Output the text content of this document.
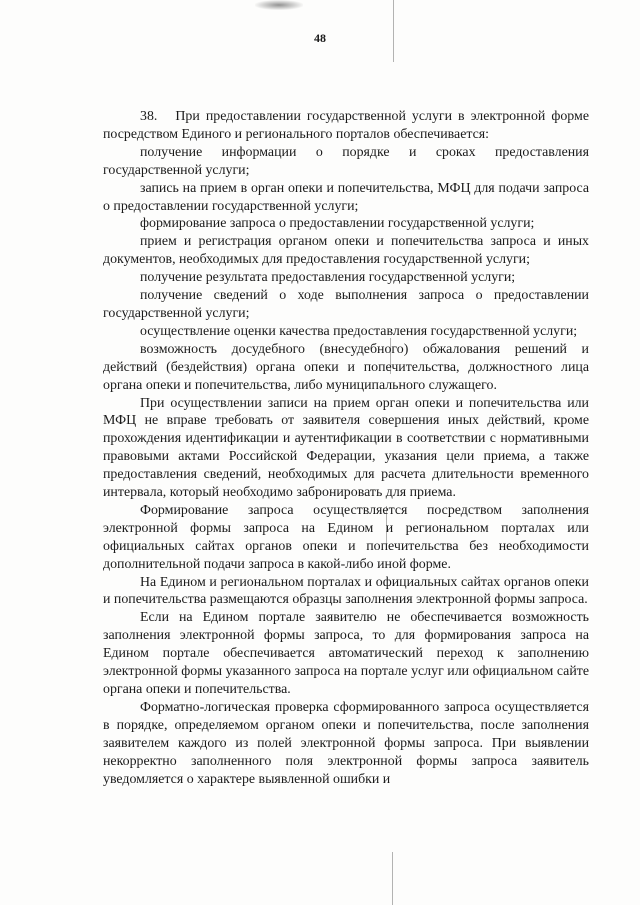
48

38.   При предоставлении государственной услуги в электронной форме посредством Единого и регионального порталов обеспечивается:

получение информации о порядке и сроках предоставления государственной услуги;

запись на прием в орган опеки и попечительства, МФЦ для подачи запроса о предоставлении государственной услуги;

формирование запроса о предоставлении государственной услуги;

прием и регистрация органом опеки и попечительства запроса и иных документов, необходимых для предоставления государственной услуги;

получение результата предоставления государственной услуги;

получение сведений о ходе выполнения запроса о предоставлении государственной услуги;

осуществление оценки качества предоставления государственной услуги;

возможность досудебного (внесудебного) обжалования решений и действий (бездействия) органа опеки и попечительства, должностного лица органа опеки и попечительства, либо муниципального служащего.

При осуществлении записи на прием орган опеки и попечительства или МФЦ не вправе требовать от заявителя совершения иных действий, кроме прохождения идентификации и аутентификации в соответствии с нормативными правовыми актами Российской Федерации, указания цели приема, а также предоставления сведений, необходимых для расчета длительности временного интервала, который необходимо забронировать для приема.

Формирование запроса осуществляется посредством заполнения электронной формы запроса на Едином и региональном порталах или официальных сайтах органов опеки и попечительства без необходимости дополнительной подачи запроса в какой-либо иной форме.

На Едином и региональном порталах и официальных сайтах органов опеки и попечительства размещаются образцы заполнения электронной формы запроса.

Если на Едином портале заявителю не обеспечивается возможность заполнения электронной формы запроса, то для формирования запроса на Едином портале обеспечивается автоматический переход к заполнению электронной формы указанного запроса на портале услуг или официальном сайте органа опеки и попечительства.

Форматно-логическая проверка сформированного запроса осуществляется в порядке, определяемом органом опеки и попечительства, после заполнения заявителем каждого из полей электронной формы запроса. При выявлении некорректно заполненного поля электронной формы запроса заявитель уведомляется о характере выявленной ошибки и
